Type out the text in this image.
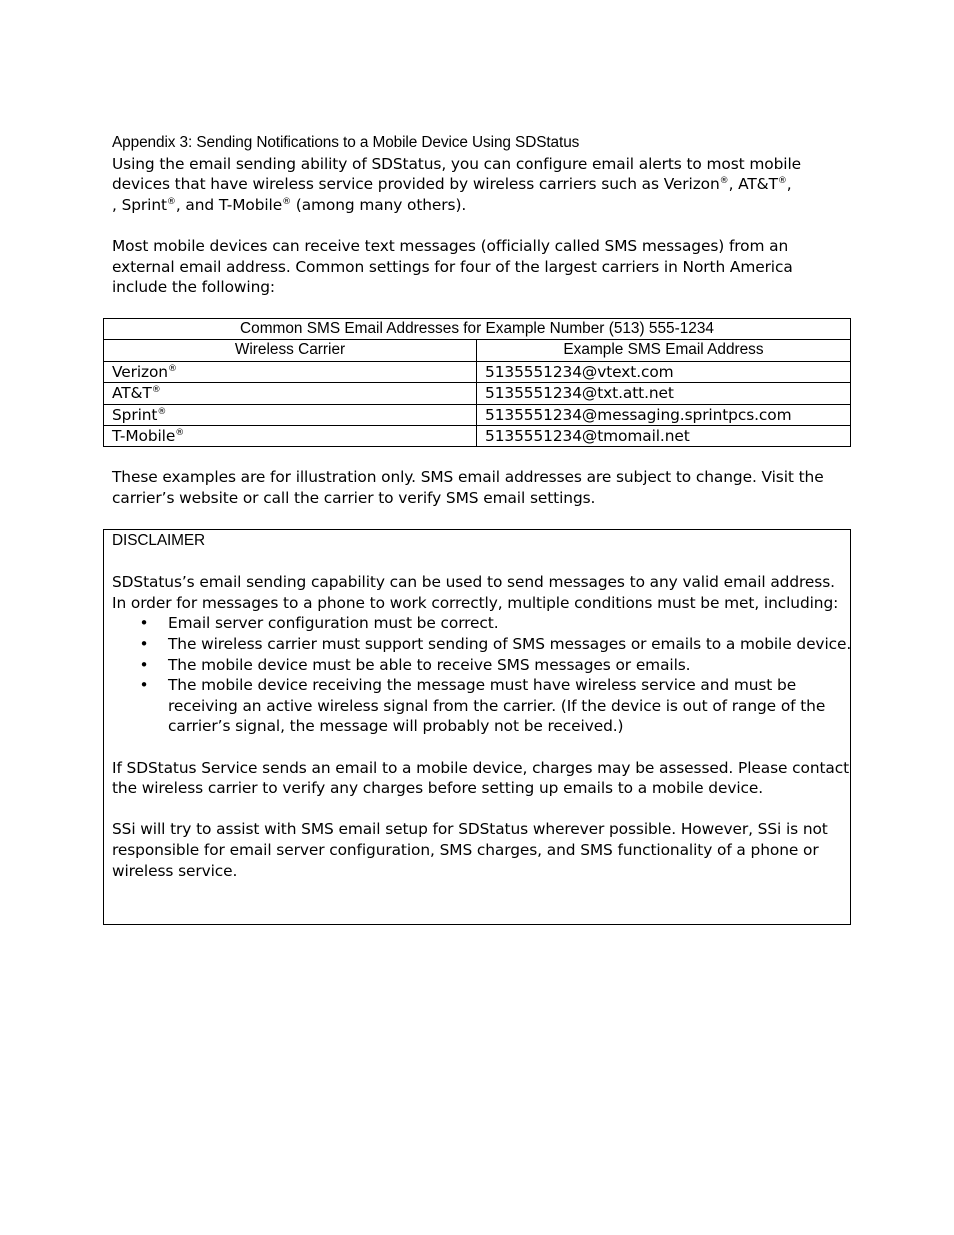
Appendix 3: Sending Notifications to a Mobile Device Using SDStatus

Using the email sending ability of SDStatus, you can configure email alerts to most mobile devices that have wireless service provided by wireless carriers such as Verizon®, AT&T®,
, Sprint®, and T-Mobile® (among many others).

Most mobile devices can receive text messages (officially called SMS messages) from an external email address. Common settings for four of the largest carriers in North America include the following:

Common SMS Email Addresses for Example Number (513) 555-1234	
Wireless Carrier	Example SMS Email Address
Verizon®	5135551234@vtext.com
AT&T®	5135551234@txt.att.net
Sprint®	5135551234@messaging.sprintpcs.com
T-Mobile®	5135551234@tmomail.net

These examples are for illustration only. SMS email addresses are subject to change. Visit the carrier’s website or call the carrier to verify SMS email settings.

DISCLAIMER

SDStatus’s email sending capability can be used to send messages to any valid email address. In order for messages to a phone to work correctly, multiple conditions must be met, including:

• Email server configuration must be correct.
• The wireless carrier must support sending of SMS messages or emails to a mobile device.
• The mobile device must be able to receive SMS messages or emails.
• The mobile device receiving the message must have wireless service and must be receiving an active wireless signal from the carrier. (If the device is out of range of the carrier’s signal, the message will probably not be received.)

If SDStatus Service sends an email to a mobile device, charges may be assessed. Please contact the wireless carrier to verify any charges before setting up emails to a mobile device.

SSi will try to assist with SMS email setup for SDStatus wherever possible. However, SSi is not responsible for email server configuration, SMS charges, and SMS functionality of a phone or wireless service.
